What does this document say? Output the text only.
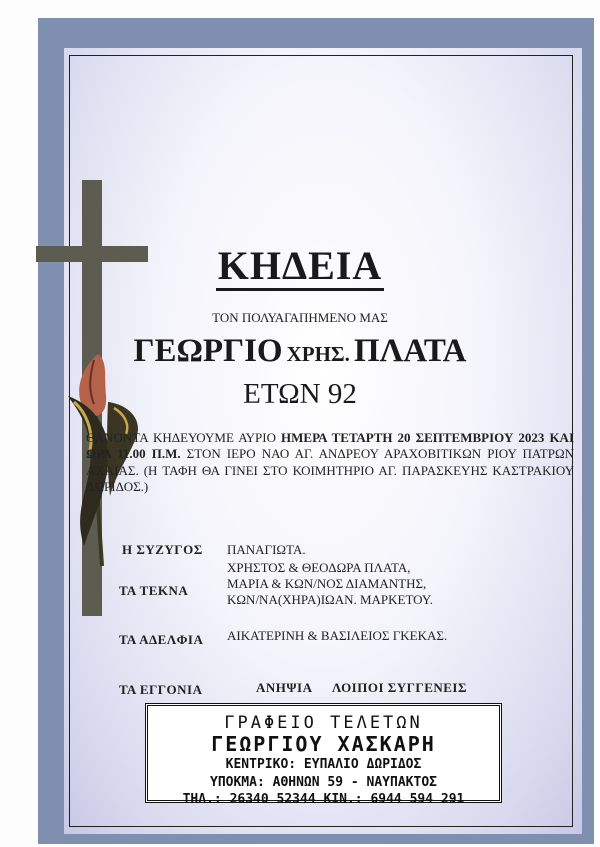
ΚΗΔΕΙΑ
ΤΟΝ ΠΟΛΥΑΓΑΠΗΜΕΝΟ ΜΑΣ
ΓΕΩΡΓΙΟ ΧΡΗΣ. ΠΛΑΤΑ
ΕΤΩΝ 92
ΘΑΝΟΝΤΑ ΚΗΔΕΥΟΥΜΕ ΑΥΡΙΟ ΗΜΕΡΑ ΤΕΤΑΡΤΗ 20 ΣΕΠΤΕΜΒΡΙΟΥ 2023 ΚΑΙ ΩΡΑ 11.00 Π.Μ. ΣΤΟΝ ΙΕΡΟ ΝΑΟ ΑΓ. ΑΝΔΡΕΟΥ ΑΡΑΧΟΒΙΤΙΚΩΝ ΡΙΟΥ ΠΑΤΡΩΝ ΑΧΑΙΑΣ. (Η ΤΑΦΗ ΘΑ ΓΙΝΕΙ ΣΤΟ ΚΟΙΜΗΤΗΡΙΟ ΑΓ. ΠΑΡΑΣΚΕΥΗΣ ΚΑΣΤΡΑΚΙΟΥ ΔΩΡΙΔΟΣ.)
Η ΣΥΖΥΓΟΣ ΠΑΝΑΓΙΩΤΑ.
ΤΑ ΤΕΚΝΑ
ΧΡΗΣΤΟΣ & ΘΕΟΔΩΡΑ ΠΛΑΤΑ,
ΜΑΡΙΑ & ΚΩΝ/ΝΟΣ ΔΙΑΜΑΝΤΗΣ,
ΚΩΝ/ΝΑ(ΧΗΡΑ)ΙΩΑΝ. ΜΑΡΚΕΤΟΥ.
ΤΑ ΑΔΕΛΦΙΑ ΑΙΚΑΤΕΡΙΝΗ & ΒΑΣΙΛΕΙΟΣ ΓΚΕΚΑΣ.
ΤΑ ΕΓΓΟΝΙΑ	ΑΝΗΨΙΑ ΛΟΙΠΟΙ ΣΥΓΓΕΝΕΙΣ
ΓΡΑΦΕΙΟ ΤΕΛΕΤΩΝ
ΓΕΩΡΓΙΟΥ ΧΑΣΚΑΡΗ
ΚΕΝΤΡΙΚΟ: ΕΥΠΑΛΙΟ ΔΩΡΙΔΟΣ
ΥΠΟΚΜΑ: ΑΘΗΝΩΝ 59 - ΝΑΥΠΑΚΤΟΣ
ΤΗΛ.: 26340 52344 ΚΙΝ.: 6944 594 291
